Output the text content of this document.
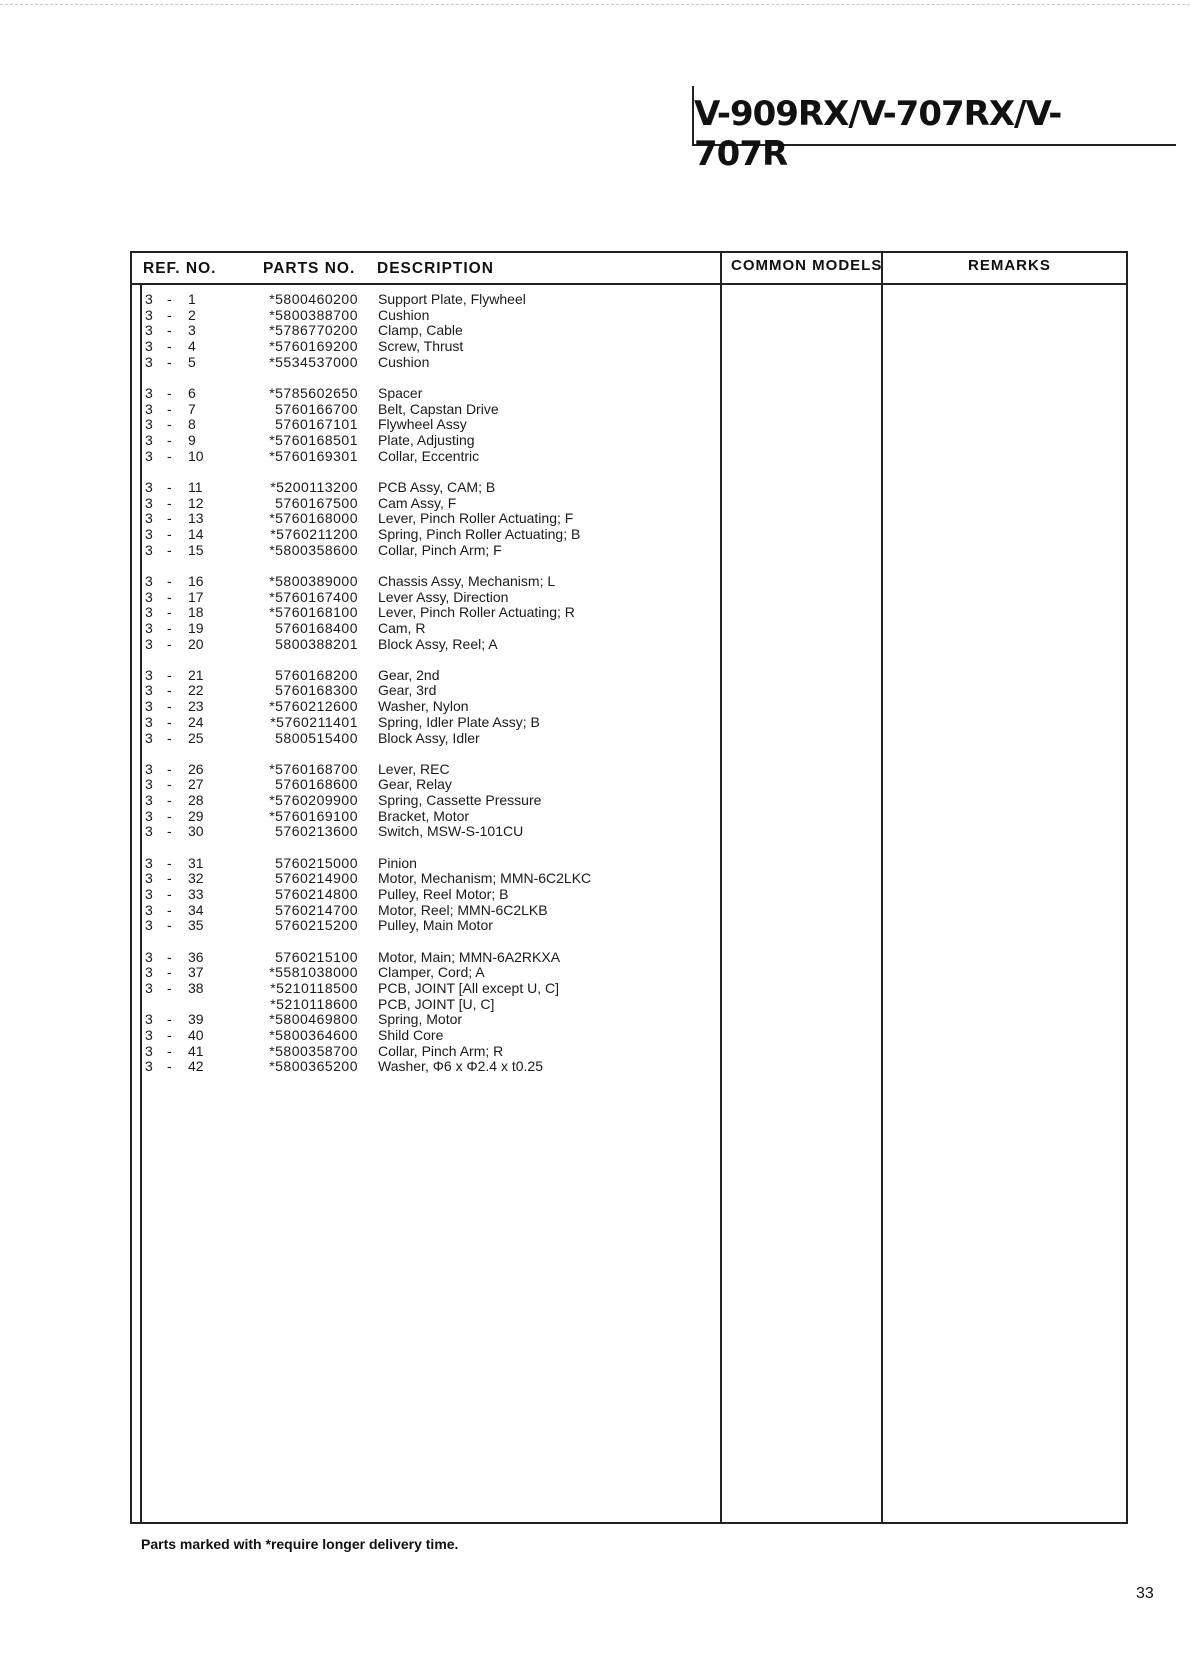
V-909RX/V-707RX/V-707R
REF. NO.	PARTS NO. DESCRIPTION	COMMON MODELS	REMARKS
3 - 1	*5800460200 Support Plate, Flywheel
3 - 2	*5800388700 Cushion
3 - 3	*5786770200 Clamp, Cable
3 - 4	*5760169200 Screw, Thrust
3 - 5	*5534537000 Cushion
3 - 6	*5785602650 Spacer
3 - 7	5760166700 Belt, Capstan Drive
3 - 8	5760167101 Flywheel Assy
3 - 9	*5760168501 Plate, Adjusting
3 - 10	*5760169301 Collar, Eccentric
3 - 11	*5200113200 PCB Assy, CAM; B
3 - 12	5760167500 Cam Assy, F
3 - 13	*5760168000 Lever, Pinch Roller Actuating; F
3 - 14	*5760211200 Spring, Pinch Roller Actuating; B
3 - 15	*5800358600 Collar, Pinch Arm; F
3 - 16	*5800389000 Chassis Assy, Mechanism; L
3 - 17	*5760167400 Lever Assy, Direction
3 - 18	*5760168100 Lever, Pinch Roller Actuating; R
3 - 19	5760168400 Cam, R
3 - 20	5800388201 Block Assy, Reel; A
3 - 21	5760168200 Gear, 2nd
3 - 22	5760168300 Gear, 3rd
3 - 23	*5760212600 Washer, Nylon
3 - 24	*5760211401 Spring, Idler Plate Assy; B
3 - 25	5800515400 Block Assy, Idler
3 - 26	*5760168700 Lever, REC
3 - 27	5760168600 Gear, Relay
3 - 28	*5760209900 Spring, Cassette Pressure
3 - 29	*5760169100 Bracket, Motor
3 - 30	5760213600 Switch, MSW-S-101CU
3 - 31	5760215000 Pinion
3 - 32	5760214900 Motor, Mechanism; MMN-6C2LKC
3 - 33	5760214800 Pulley, Reel Motor; B
3 - 34	5760214700 Motor, Reel; MMN-6C2LKB
3 - 35	5760215200 Pulley, Main Motor
3 - 36	5760215100 Motor, Main; MMN-6A2RKXA
3 - 37	*5581038000 Clamper, Cord; A
3 - 38	*5210118500 PCB, JOINT [All except U, C]
*5210118600 PCB, JOINT [U, C]
3 - 39	*5800469800 Spring, Motor
3 - 40	*5800364600 Shild Core
3 - 41	*5800358700 Collar, Pinch Arm; R
3 - 42	*5800365200 Washer, Φ6 x Φ2.4 x t0.25
Parts marked with *require longer delivery time.
33
